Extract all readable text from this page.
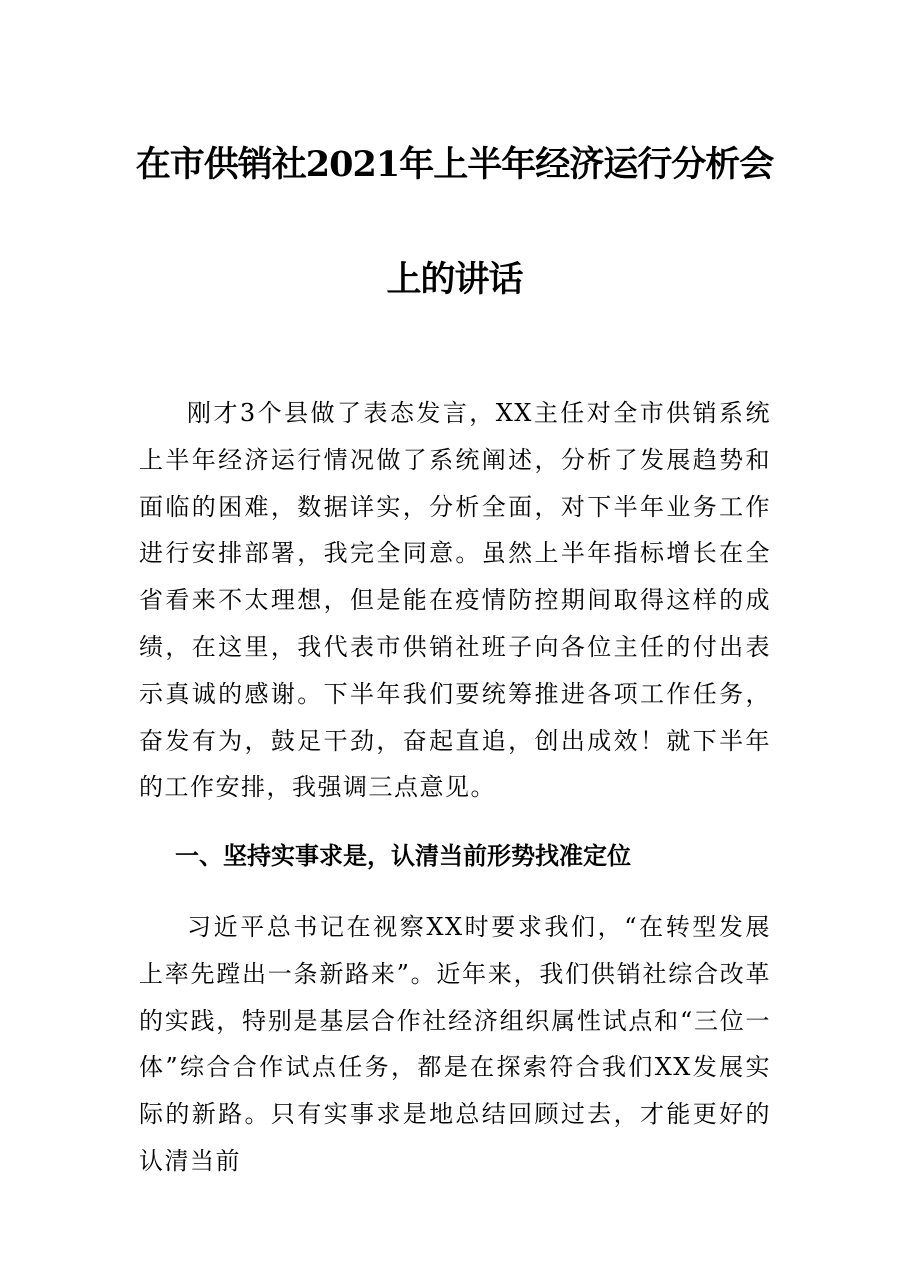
在市供销社2021年上半年经济运行分析会
上的讲话

刚才3个县做了表态发言，XX主任对全市供销系统上半年经济运行情况做了系统阐述，分析了发展趋势和面临的困难，数据详实，分析全面，对下半年业务工作进行安排部署，我完全同意。虽然上半年指标增长在全省看来不太理想，但是能在疫情防控期间取得这样的成绩，在这里，我代表市供销社班子向各位主任的付出表示真诚的感谢。下半年我们要统筹推进各项工作任务，奋发有为，鼓足干劲，奋起直追，创出成效！就下半年的工作安排，我强调三点意见。

一、坚持实事求是，认清当前形势找准定位

习近平总书记在视察XX时要求我们，“在转型发展上率先蹚出一条新路来”。近年来，我们供销社综合改革的实践，特别是基层合作社经济组织属性试点和“三位一体”综合合作试点任务，都是在探索符合我们XX发展实际的新路。只有实事求是地总结回顾过去，才能更好的认清当前
